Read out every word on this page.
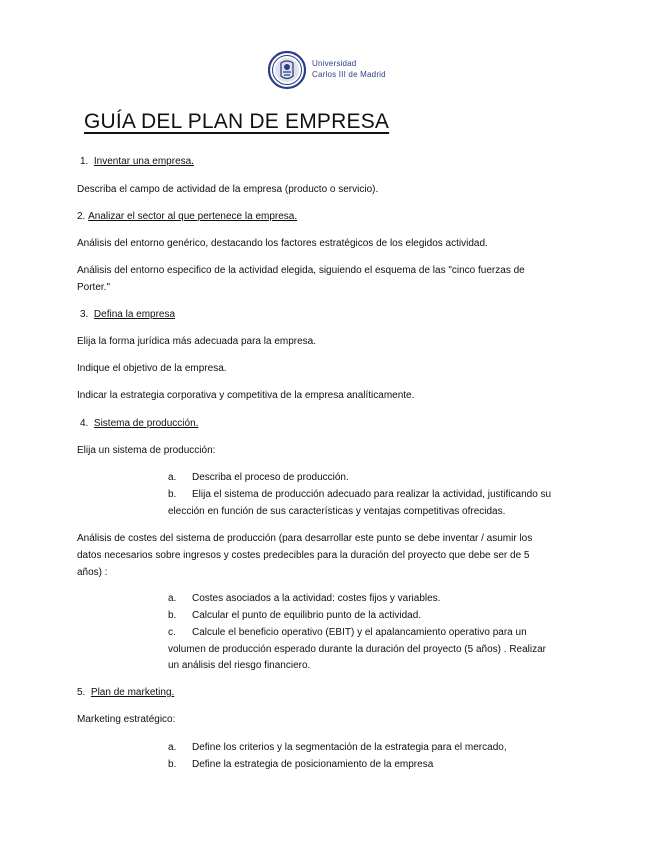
Universidad
Carlos III de Madrid
GUÍA DEL PLAN DE EMPRESA
1. Inventar una empresa.
Describa el campo de actividad de la empresa (producto o servicio).
2. Analizar el sector al que pertenece la empresa.
Análisis del entorno genérico, destacando los factores estratégicos de los elegidos actividad.
Análisis del entorno especifico de la actividad elegida, siguiendo el esquema de las "cinco fuerzas de
Porter."
3. Defina la empresa
Elija la forma jurídica más adecuada para la empresa.
Indique el objetivo de la empresa.
Indicar la estrategia corporativa y competitiva de la empresa analíticamente.
4. Sistema de producción.
Elija un sistema de producción:
a. Describa el proceso de producción.
b. Elija el sistema de producción adecuado para realizar la actividad, justificando su
elección en función de sus características y ventajas competitivas ofrecidas.
Análisis de costes del sistema de producción (para desarrollar este punto se debe inventar / asumir los
datos necesarios sobre ingresos y costes predecibles para la duración del proyecto que debe ser de 5
años) :
a. Costes asociados a la actividad: costes fijos y variables.
b. Calcular el punto de equilibrio punto de la actividad.
c. Calcule el beneficio operativo (EBIT) y el apalancamiento operativo para un
volumen de producción esperado durante la duración del proyecto (5 años) . Realizar
un análisis del riesgo financiero.
5. Plan de marketing.
Marketing estratégico:
a. Define los criterios y la segmentación de la estrategia para el mercado,
b. Define la estrategia de posicionamiento de la empresa
